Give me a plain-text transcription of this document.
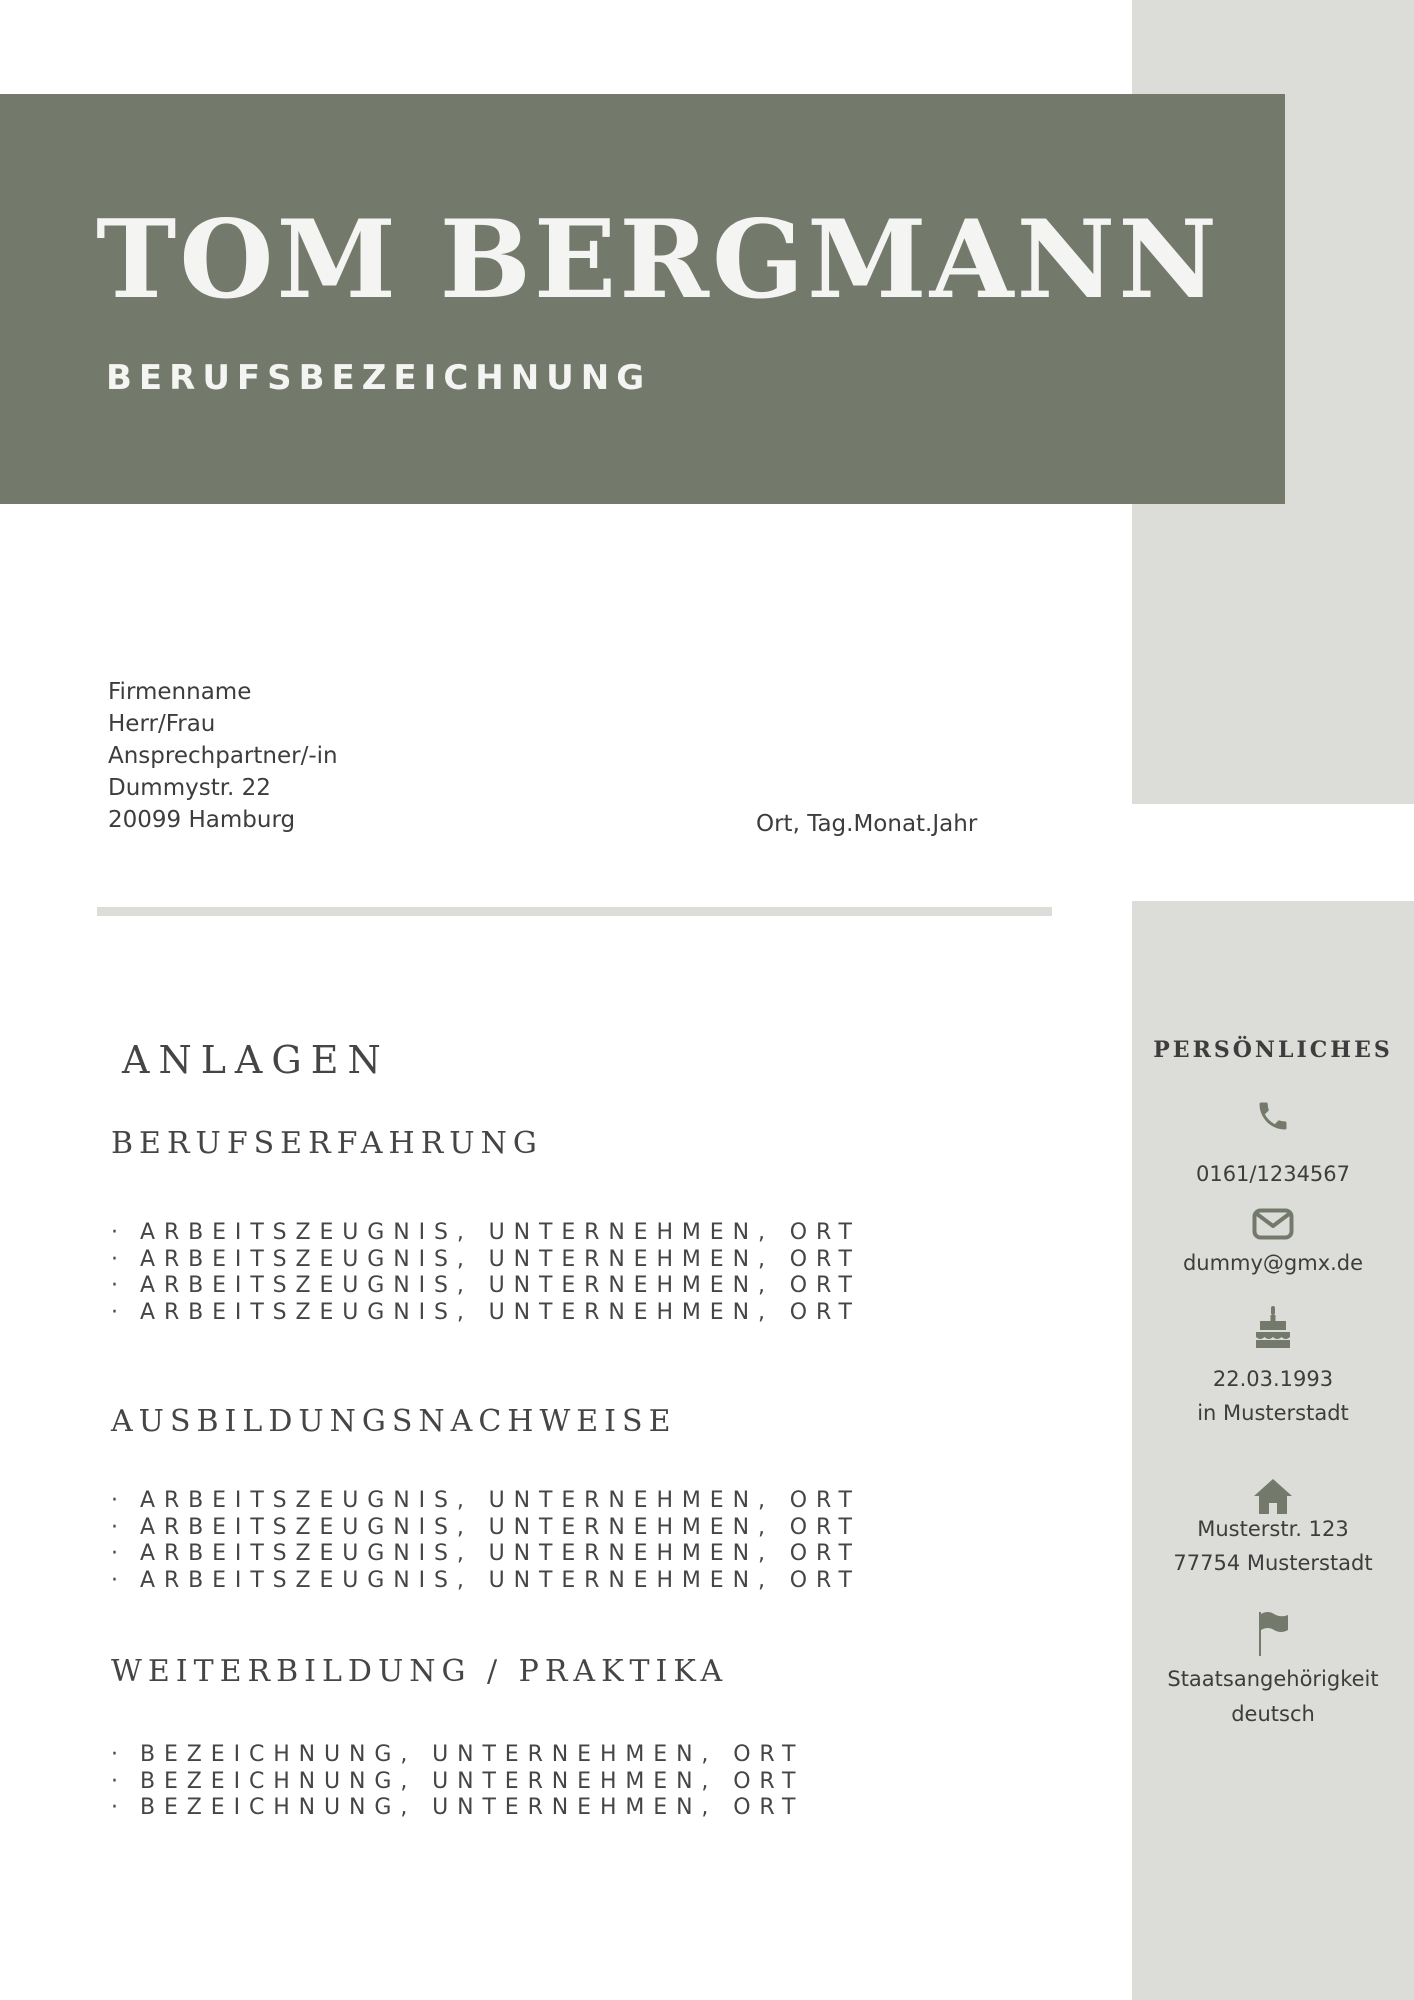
TOM BERGMANN
BERUFSBEZEICHNUNG
Firmenname
Herr/Frau
Ansprechpartner/-in
Dummystr. 22
20099 Hamburg	Ort, Tag.Monat.Jahr
ANLAGEN
BERUFSERFAHRUNG
· ARBEITSZEUGNIS, UNTERNEHMEN, ORT
· ARBEITSZEUGNIS, UNTERNEHMEN, ORT
· ARBEITSZEUGNIS, UNTERNEHMEN, ORT
· ARBEITSZEUGNIS, UNTERNEHMEN, ORT
AUSBILDUNGSNACHWEISE
· ARBEITSZEUGNIS, UNTERNEHMEN, ORT
· ARBEITSZEUGNIS, UNTERNEHMEN, ORT
· ARBEITSZEUGNIS, UNTERNEHMEN, ORT
· ARBEITSZEUGNIS, UNTERNEHMEN, ORT
WEITERBILDUNG / PRAKTIKA
· BEZEICHNUNG, UNTERNEHMEN, ORT
· BEZEICHNUNG, UNTERNEHMEN, ORT
· BEZEICHNUNG, UNTERNEHMEN, ORT
PERSÖNLICHES
0161/1234567
dummy@gmx.de
22.03.1993
in Musterstadt
Musterstr. 123
77754 Musterstadt
Staatsangehörigkeit
deutsch
